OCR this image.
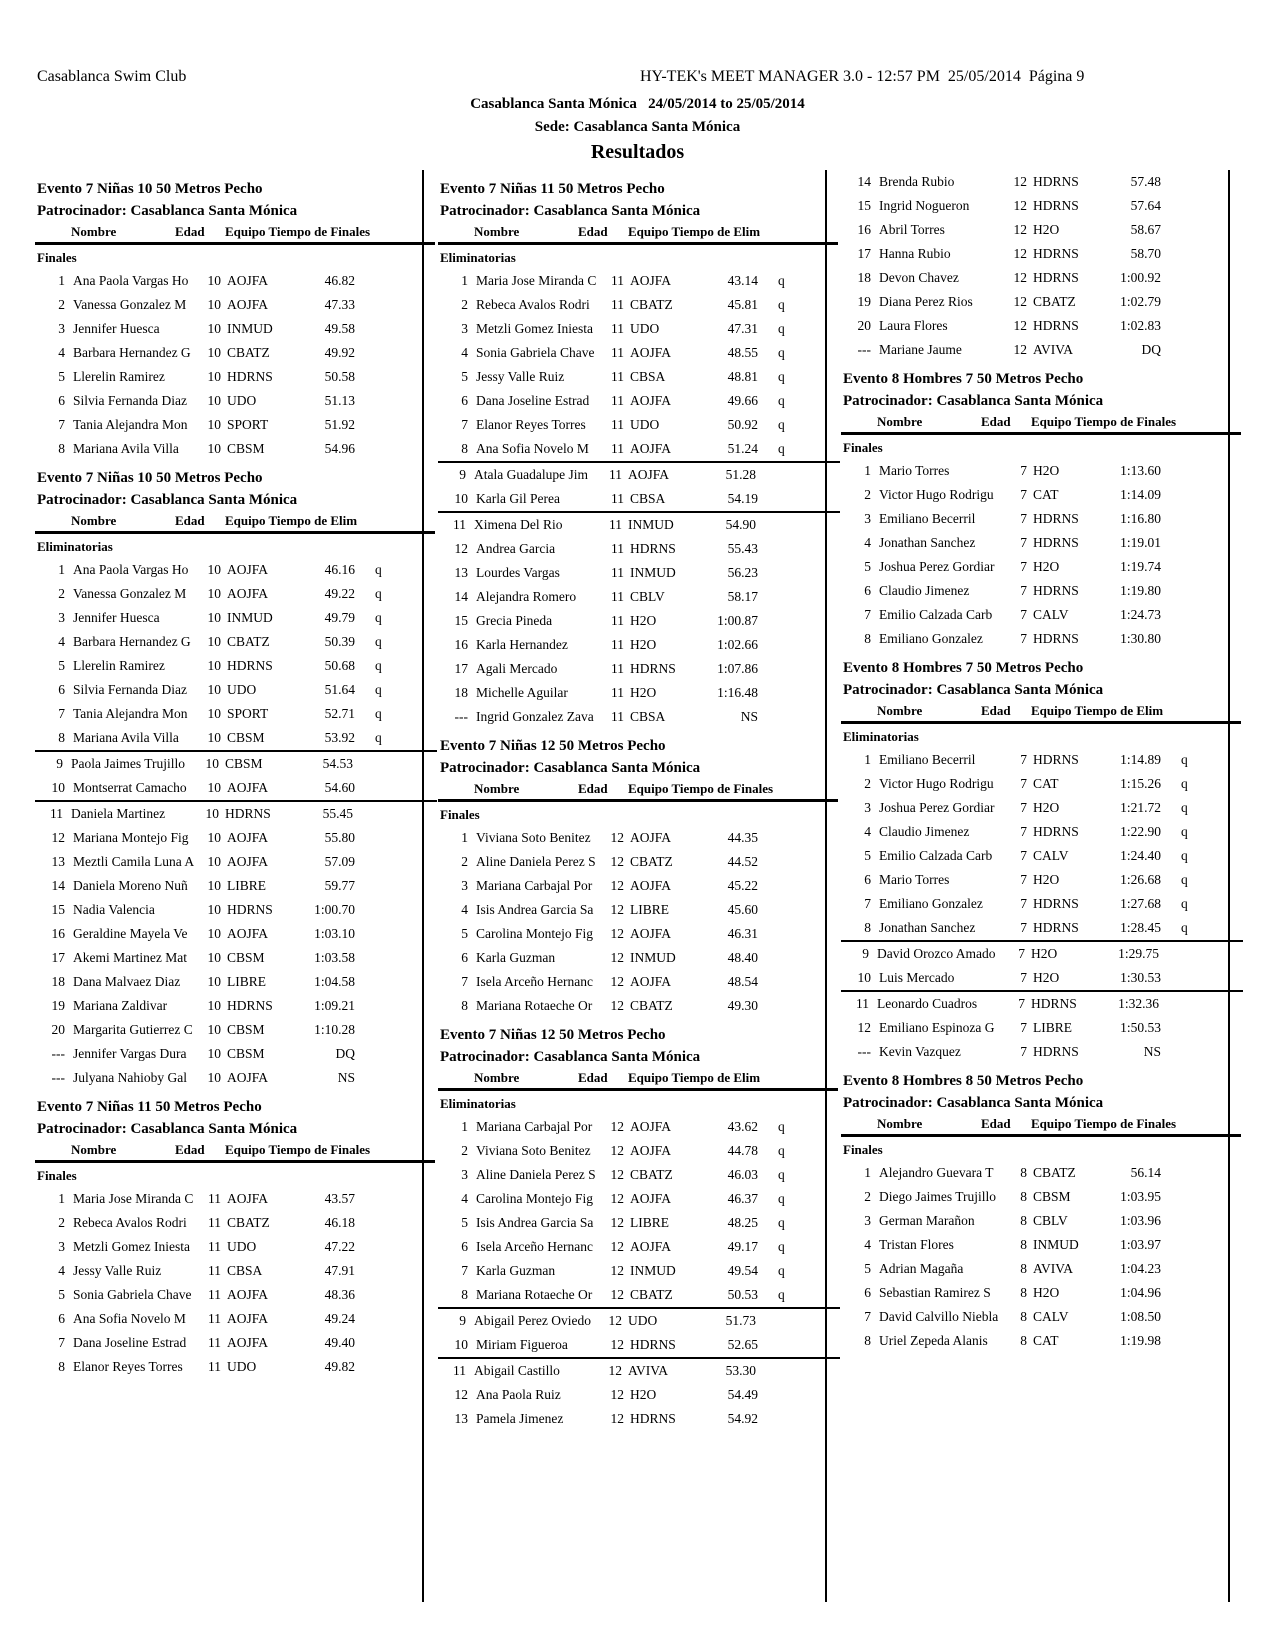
Casablanca Swim Club	HY-TEK's MEET MANAGER 3.0 - 12:57 PM  25/05/2014  Página 9
Casablanca Santa Mónica   24/05/2014 to 25/05/2014
Sede: Casablanca Santa Mónica
Resultados
Evento 7 Niñas 10 50 Metros Pecho
Patrocinador: Casablanca Santa Mónica
Nombre	Edad Equipo Tiempo de Finales
Finales
1 Ana Paola Vargas Ho	10 AOJFA	46.82
2 Vanessa Gonzalez M	10 AOJFA	47.33
3 Jennifer Huesca	10 INMUD	49.58
4 Barbara Hernandez G	10 CBATZ	49.92
5 Llerelin Ramirez	10 HDRNS	50.58
6 Silvia Fernanda Diaz	10 UDO	51.13
7 Tania Alejandra Mon	10 SPORT	51.92
8 Mariana Avila Villa	10 CBSM	54.96
Evento 7 Niñas 10 50 Metros Pecho
Patrocinador: Casablanca Santa Mónica
Nombre	Edad Equipo Tiempo de Elim
Eliminatorias
1 Ana Paola Vargas Ho	10 AOJFA	46.16 q
2 Vanessa Gonzalez M	10 AOJFA	49.22 q
3 Jennifer Huesca	10 INMUD	49.79 q
4 Barbara Hernandez G	10 CBATZ	50.39 q
5 Llerelin Ramirez	10 HDRNS	50.68 q
6 Silvia Fernanda Diaz	10 UDO	51.64 q
7 Tania Alejandra Mon	10 SPORT	52.71 q
8 Mariana Avila Villa	10 CBSM	53.92 q
9 Paola Jaimes Trujillo	10 CBSM	54.53
10 Montserrat Camacho	10 AOJFA	54.60
11 Daniela Martinez	10 HDRNS	55.45
12 Mariana Montejo Fig	10 AOJFA	55.80
13 Meztli Camila Luna A 10 AOJFA	57.09
14 Daniela Moreno Nuñ	10 LIBRE	59.77
15 Nadia Valencia	10 HDRNS	1:00.70
16 Geraldine Mayela Ve	10 AOJFA	1:03.10
17 Akemi Martinez Mat	10 CBSM	1:03.58
18 Dana Malvaez Diaz	10 LIBRE	1:04.58
19 Mariana Zaldivar	10 HDRNS	1:09.21
20 Margarita Gutierrez C	10 CBSM	1:10.28
--- Jennifer Vargas Dura	10 CBSM	DQ
--- Julyana Nahioby Gal	10 AOJFA	NS
Evento 7 Niñas 11 50 Metros Pecho
Patrocinador: Casablanca Santa Mónica
Nombre	Edad Equipo Tiempo de Finales
Finales
1 Maria Jose Miranda C	11 AOJFA	43.57
2 Rebeca Avalos Rodri	11 CBATZ	46.18
3 Metzli Gomez Iniesta	11 UDO	47.22
4 Jessy Valle Ruiz	11 CBSA	47.91
5 Sonia Gabriela Chave	11 AOJFA	48.36
6 Ana Sofia Novelo M	11 AOJFA	49.24
7 Dana Joseline Estrad	11 AOJFA	49.40
8 Elanor Reyes Torres	11 UDO	49.82
Evento 7 Niñas 11 50 Metros Pecho
Patrocinador: Casablanca Santa Mónica
Nombre	Edad Equipo Tiempo de Elim
Eliminatorias
1 Maria Jose Miranda C	11 AOJFA	43.14 q
2 Rebeca Avalos Rodri	11 CBATZ	45.81 q
3 Metzli Gomez Iniesta	11 UDO	47.31 q
4 Sonia Gabriela Chave	11 AOJFA	48.55 q
5 Jessy Valle Ruiz	11 CBSA	48.81 q
6 Dana Joseline Estrad	11 AOJFA	49.66 q
7 Elanor Reyes Torres	11 UDO	50.92 q
8 Ana Sofia Novelo M	11 AOJFA	51.24 q
9 Atala Guadalupe Jim	11 AOJFA	51.28
10 Karla Gil Perea	11 CBSA	54.19
11 Ximena Del Rio	11 INMUD	54.90
12 Andrea Garcia	11 HDRNS	55.43
13 Lourdes Vargas	11 INMUD	56.23
14 Alejandra Romero	11 CBLV	58.17
15 Grecia Pineda	11 H2O	1:00.87
16 Karla Hernandez	11 H2O	1:02.66
17 Agali Mercado	11 HDRNS	1:07.86
18 Michelle Aguilar	11 H2O	1:16.48
--- Ingrid Gonzalez Zava	11 CBSA	NS
Evento 7 Niñas 12 50 Metros Pecho
Patrocinador: Casablanca Santa Mónica
Nombre	Edad Equipo Tiempo de Finales
Finales
1 Viviana Soto Benitez	12 AOJFA	44.35
2 Aline Daniela Perez S	12 CBATZ	44.52
3 Mariana Carbajal Por	12 AOJFA	45.22
4 Isis Andrea Garcia Sa	12 LIBRE	45.60
5 Carolina Montejo Fig	12 AOJFA	46.31
6 Karla Guzman	12 INMUD	48.40
7 Isela Arceño Hernanc	12 AOJFA	48.54
8 Mariana Rotaeche Or	12 CBATZ	49.30
Evento 7 Niñas 12 50 Metros Pecho
Patrocinador: Casablanca Santa Mónica
Nombre	Edad Equipo Tiempo de Elim
Eliminatorias
1 Mariana Carbajal Por	12 AOJFA	43.62 q
2 Viviana Soto Benitez	12 AOJFA	44.78 q
3 Aline Daniela Perez S	12 CBATZ	46.03 q
4 Carolina Montejo Fig	12 AOJFA	46.37 q
5 Isis Andrea Garcia Sa	12 LIBRE	48.25 q
6 Isela Arceño Hernanc	12 AOJFA	49.17 q
7 Karla Guzman	12 INMUD	49.54 q
8 Mariana Rotaeche Or	12 CBATZ	50.53 q
9 Abigail Perez Oviedo	12 UDO	51.73
10 Miriam Figueroa	12 HDRNS	52.65
11 Abigail Castillo	12 AVIVA	53.30
12 Ana Paola Ruiz	12 H2O	54.49
13 Pamela Jimenez	12 HDRNS	54.92
14 Brenda Rubio	12 HDRNS	57.48
15 Ingrid Nogueron	12 HDRNS	57.64
16 Abril Torres	12 H2O	58.67
17 Hanna Rubio	12 HDRNS	58.70
18 Devon Chavez	12 HDRNS	1:00.92
19 Diana Perez Rios	12 CBATZ	1:02.79
20 Laura Flores	12 HDRNS	1:02.83
--- Mariane Jaume	12 AVIVA	DQ
Evento 8 Hombres 7 50 Metros Pecho
Patrocinador: Casablanca Santa Mónica
Nombre	Edad Equipo Tiempo de Finales
Finales
1 Mario Torres	7 H2O	1:13.60
2 Victor Hugo Rodrigu	7 CAT	1:14.09
3 Emiliano Becerril	7 HDRNS	1:16.80
4 Jonathan Sanchez	7 HDRNS	1:19.01
5 Joshua Perez Gordiar	7 H2O	1:19.74
6 Claudio Jimenez	7 HDRNS	1:19.80
7 Emilio Calzada Carb	7 CALV	1:24.73
8 Emiliano Gonzalez	7 HDRNS	1:30.80
Evento 8 Hombres 7 50 Metros Pecho
Patrocinador: Casablanca Santa Mónica
Nombre	Edad Equipo Tiempo de Elim
Eliminatorias
1 Emiliano Becerril	7 HDRNS	1:14.89 q
2 Victor Hugo Rodrigu	7 CAT	1:15.26 q
3 Joshua Perez Gordiar	7 H2O	1:21.72 q
4 Claudio Jimenez	7 HDRNS	1:22.90 q
5 Emilio Calzada Carb	7 CALV	1:24.40 q
6 Mario Torres	7 H2O	1:26.68 q
7 Emiliano Gonzalez	7 HDRNS	1:27.68 q
8 Jonathan Sanchez	7 HDRNS	1:28.45 q
9 David Orozco Amado	7 H2O	1:29.75
10 Luis Mercado	7 H2O	1:30.53
11 Leonardo Cuadros	7 HDRNS	1:32.36
12 Emiliano Espinoza G	7 LIBRE	1:50.53
--- Kevin Vazquez	7 HDRNS	NS
Evento 8 Hombres 8 50 Metros Pecho
Patrocinador: Casablanca Santa Mónica
Nombre	Edad Equipo Tiempo de Finales
Finales
1 Alejandro Guevara T	8 CBATZ	56.14
2 Diego Jaimes Trujillo	8 CBSM	1:03.95
3 German Marañon	8 CBLV	1:03.96
4 Tristan Flores	8 INMUD	1:03.97
5 Adrian Magaña	8 AVIVA	1:04.23
6 Sebastian Ramirez S	8 H2O	1:04.96
7 David Calvillo Niebla	8 CALV	1:08.50
8 Uriel Zepeda Alanis	8 CAT	1:19.98
